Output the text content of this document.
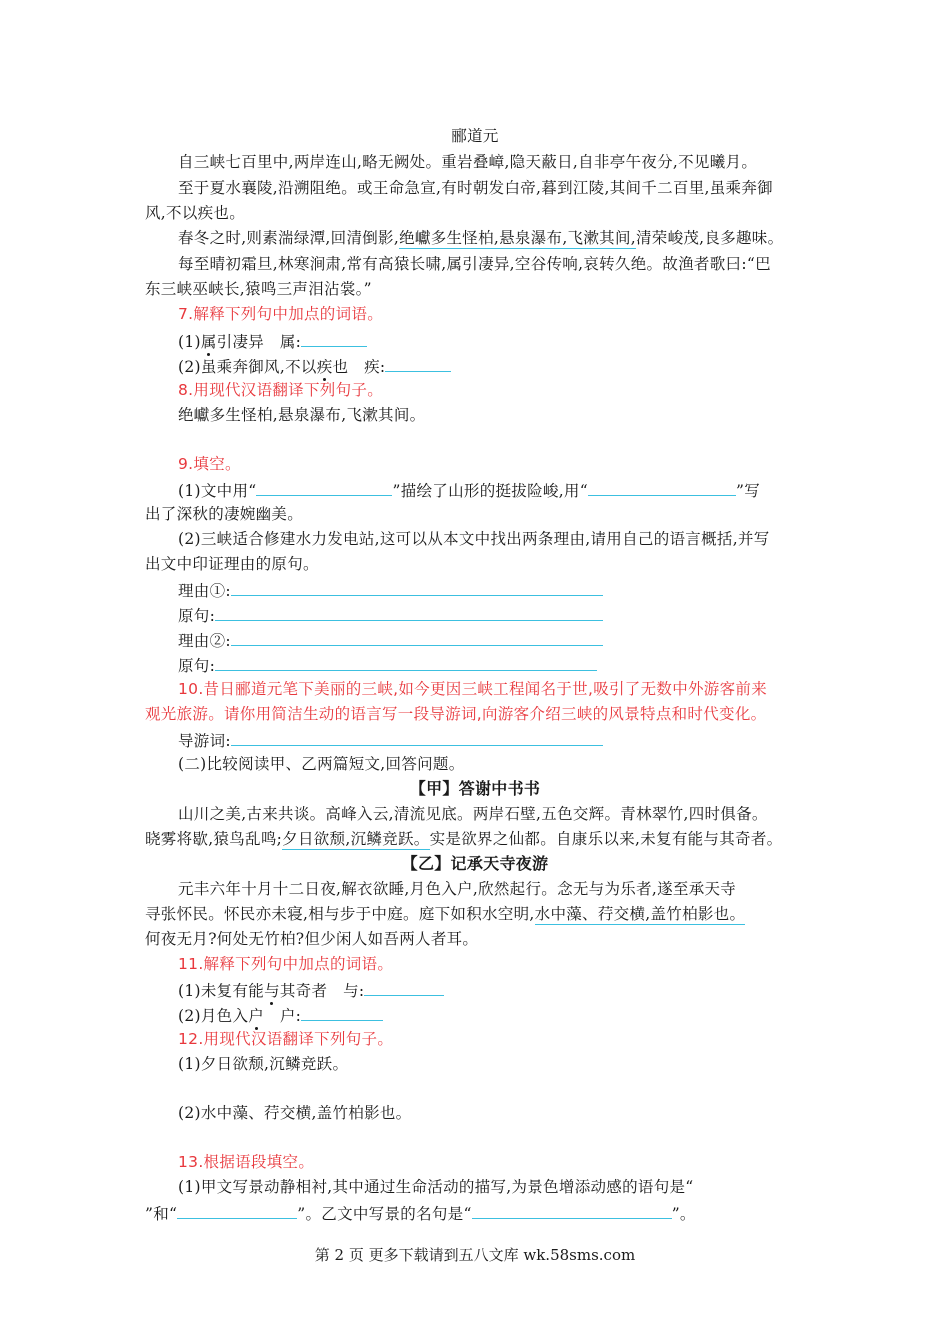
郦道元
自三峡七百里中,两岸连山,略无阙处。重岩叠嶂,隐天蔽日,自非亭午夜分,不见曦月。
至于夏水襄陵,沿溯阻绝。或王命急宣,有时朝发白帝,暮到江陵,其间千二百里,虽乘奔御
风,不以疾也。
春冬之时,则素湍绿潭,回清倒影,绝巘多生怪柏,悬泉瀑布,飞漱其间,清荣峻茂,良多趣味。
每至晴初霜旦,林寒涧肃,常有高猿长啸,属引凄异,空谷传响,哀转久绝。故渔者歌曰:“巴
东三峡巫峡长,猿鸣三声泪沾裳。”
7.解释下列句中加点的词语。
(1)属引凄异　属:
(2)虽乘奔御风,不以疾也　疾:
8.用现代汉语翻译下列句子。
绝巘多生怪柏,悬泉瀑布,飞漱其间。
9.填空。
(1)文中用“	”描绘了山形的挺拔险峻,用“	”写
出了深秋的凄婉幽美。
(2)三峡适合修建水力发电站,这可以从本文中找出两条理由,请用自己的语言概括,并写
出文中印证理由的原句。
理由①:
原句:
理由②:
原句:
10.昔日郦道元笔下美丽的三峡,如今更因三峡工程闻名于世,吸引了无数中外游客前来
观光旅游。请你用简洁生动的语言写一段导游词,向游客介绍三峡的风景特点和时代变化。
导游词:
(二)比较阅读甲、乙两篇短文,回答问题。
【甲】答谢中书书
山川之美,古来共谈。高峰入云,清流见底。两岸石壁,五色交辉。青林翠竹,四时俱备。
晓雾将歇,猿鸟乱鸣;夕日欲颓,沉鳞竞跃。实是欲界之仙都。自康乐以来,未复有能与其奇者。
【乙】记承天寺夜游
元丰六年十月十二日夜,解衣欲睡,月色入户,欣然起行。念无与为乐者,遂至承天寺
寻张怀民。怀民亦未寝,相与步于中庭。庭下如积水空明,水中藻、荇交横,盖竹柏影也。
何夜无月?何处无竹柏?但少闲人如吾两人者耳。
11.解释下列句中加点的词语。
(1)未复有能与其奇者　与:
(2)月色入户　户:
12.用现代汉语翻译下列句子。
(1)夕日欲颓,沉鳞竞跃。
(2)水中藻、荇交横,盖竹柏影也。
13.根据语段填空。
(1)甲文写景动静相衬,其中通过生命活动的描写,为景色增添动感的语句是“
”和“	”。乙文中写景的名句是“	”。
第 2 页 更多下载请到五八文库 wk.58sms.com
